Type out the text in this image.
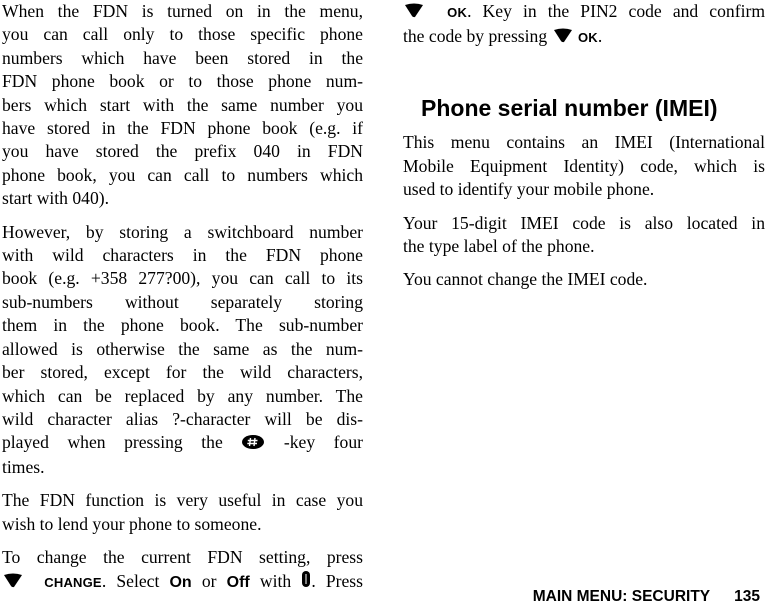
When the FDN is turned on in the menu,
you can call only to those specific phone
numbers which have been stored in the
FDN phone book or to those phone num-
bers which start with the same number you
have stored in the FDN phone book (e.g. if
you have stored the prefix 040 in FDN
phone book, you can call to numbers which
start with 040).

However, by storing a switchboard number
with wild characters in the FDN phone
book (e.g. +358 277?00), you can call to its
sub-numbers without separately storing
them in the phone book. The sub-number
allowed is otherwise the same as the num-
ber stored, except for the wild characters,
which can be replaced by any number. The
wild character alias ?-character will be dis-
played when pressing the	-key four
times.

The FDN function is very useful in case you
wish to lend your phone to someone.

To change the current FDN setting, press
CHANGE. Select On or Off with . Press

OK. Key in the PIN2 code and confirm
the code by pressing OK.

Phone serial number (IMEI)

This menu contains an IMEI (International
Mobile Equipment Identity) code, which is
used to identify your mobile phone.

Your 15-digit IMEI code is also located in
the type label of the phone.

You cannot change the IMEI code.

MAIN MENU: SECURITY 135
